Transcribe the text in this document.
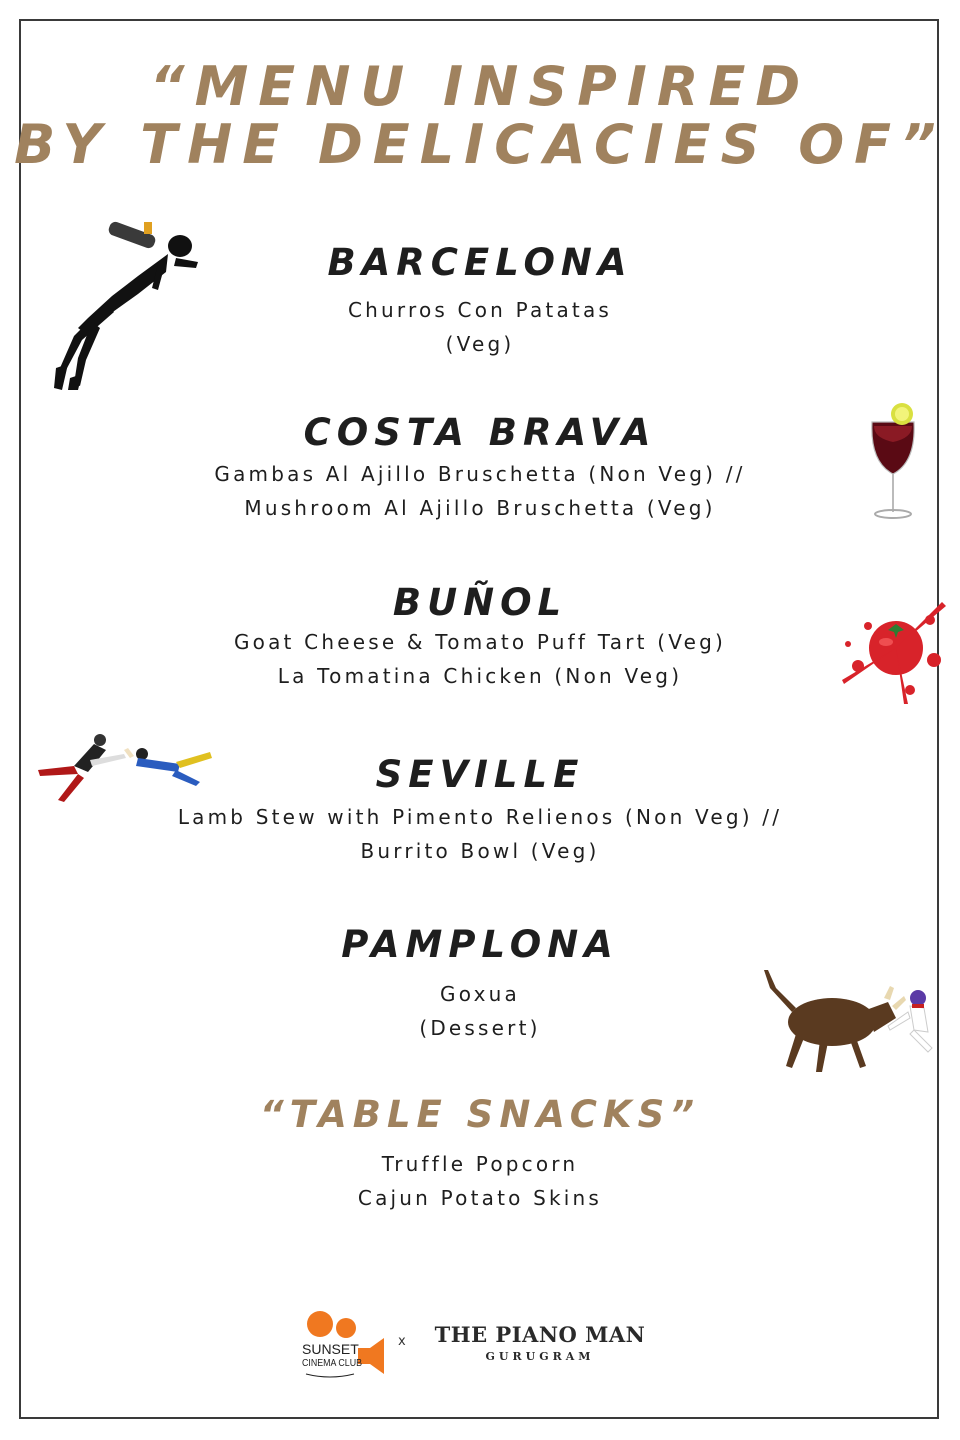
“MENU INSPIRED
BY THE DELICACIES OF”
BARCELONA

Churros Con Patatas

(Veg)

COSTA BRAVA

Gambas Al Ajillo Bruschetta (Non Veg) //

Mushroom Al Ajillo Bruschetta (Veg)

BUÑOL

Goat Cheese & Tomato Puff Tart (Veg)

La Tomatina Chicken (Non Veg)

SEVILLE

Lamb Stew with Pimento Relienos (Non Veg) //

Burrito Bowl (Veg)

PAMPLONA

Goxua

(Dessert)

“TABLE SNACKS”

Truffle Popcorn

Cajun Potato Skins

SUNSET
CINEMA CLUB
x	THE PIANO MAN
GURUGRAM
